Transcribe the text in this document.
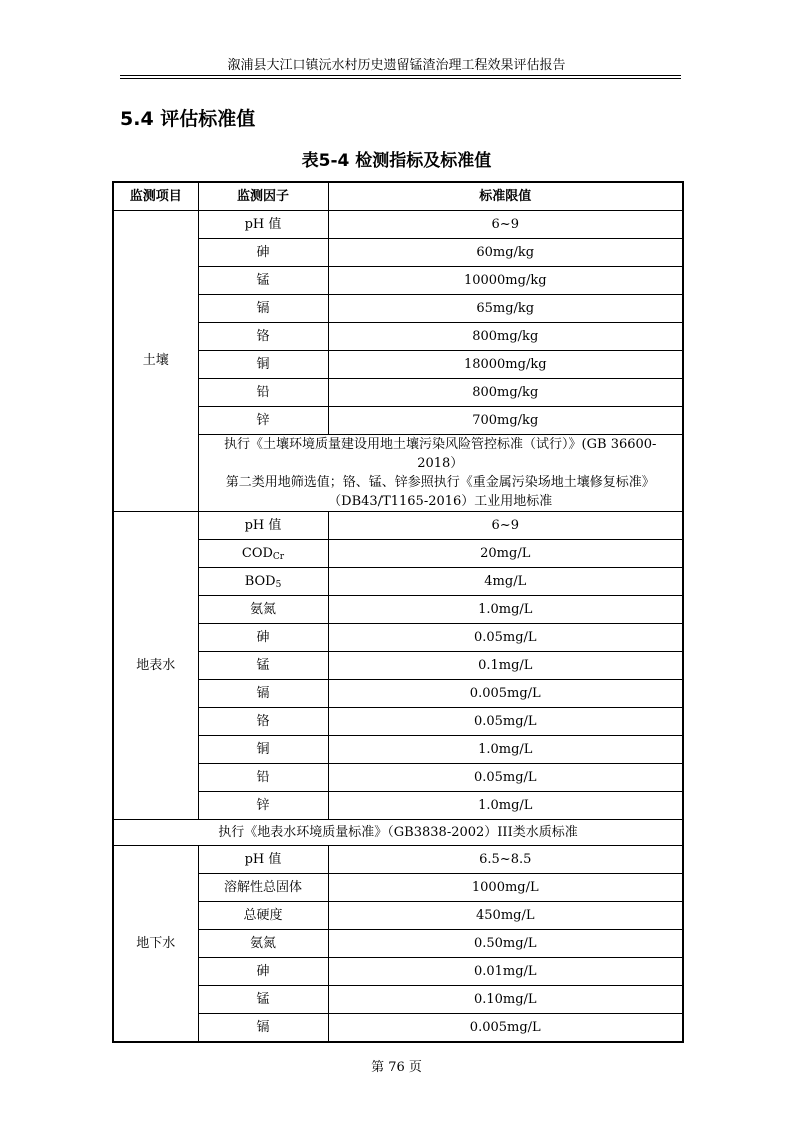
溆浦县大江口镇沅水村历史遗留锰渣治理工程效果评估报告
5.4 评估标准值
表5-4 检测指标及标准值
监测项目	监测因子	标准限值
土壤	pH 值	6~9
	砷	60mg/kg
	锰	10000mg/kg
	镉	65mg/kg
	铬	800mg/kg
	铜	18000mg/kg
	铅	800mg/kg
	锌	700mg/kg
	执行《土壤环境质量建设用地土壤污染风险管控标准（试行）》(GB 36600-2018）
第二类用地筛选值；铬、锰、锌参照执行《重金属污染场地土壤修复标准》
（DB43/T1165-2016）工业用地标准	
地表水	pH 值	6~9
	$COD_{Cr}$	20mg/L
	$BOD_5$	4mg/L
	氨氮	1.0mg/L
	砷	0.05mg/L
	锰	0.1mg/L
	镉	0.005mg/L
	铬	0.05mg/L
	铜	1.0mg/L
	铅	0.05mg/L
	锌	1.0mg/L
执行《地表水环境质量标准》（GB3838-2002）III类水质标准		
地下水	pH 值	6.5~8.5
	溶解性总固体	1000mg/L
	总硬度	450mg/L
	氨氮	0.50mg/L
	砷	0.01mg/L
	锰	0.10mg/L
	镉	0.005mg/L
第 76 页
